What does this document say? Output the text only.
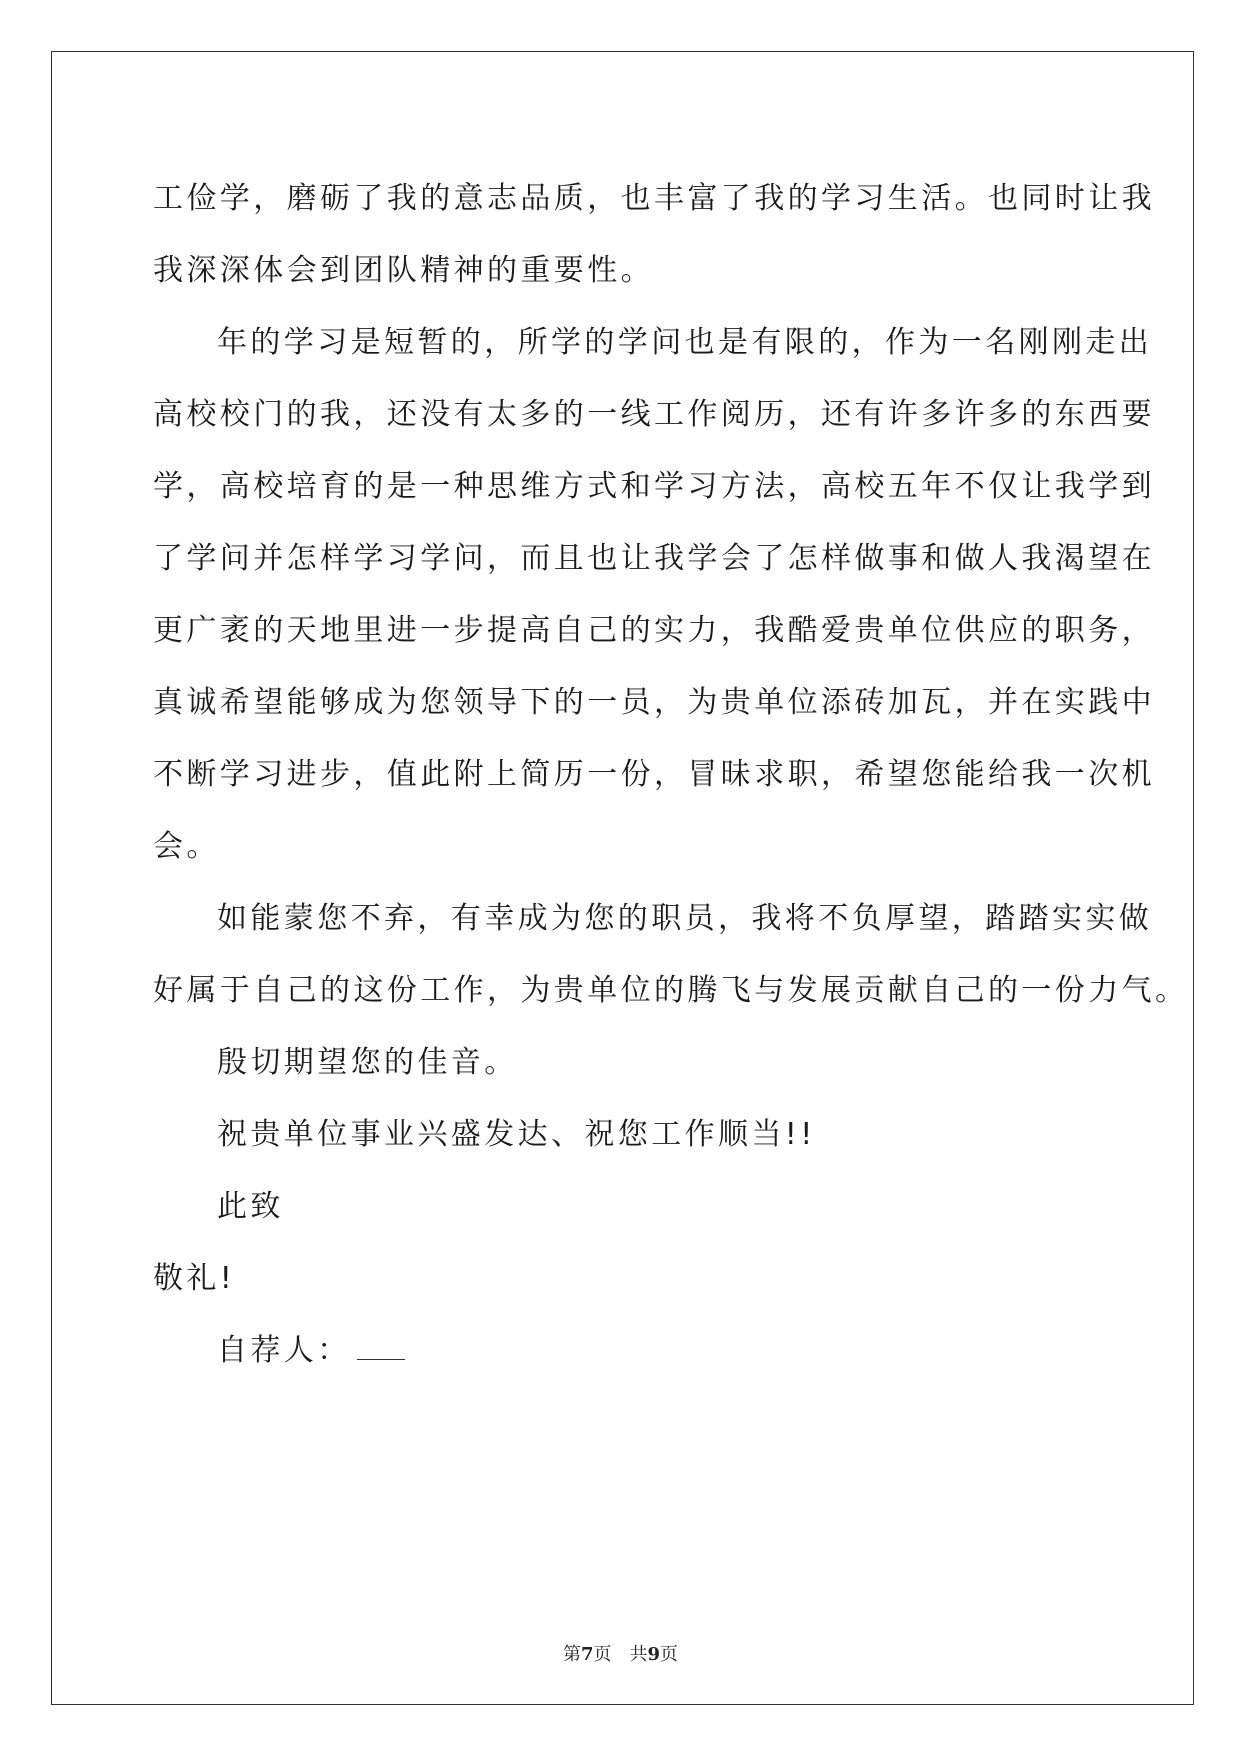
工俭学，磨砺了我的意志品质，也丰富了我的学习生活。也同时让我
我深深体会到团队精神的重要性。
年的学习是短暂的，所学的学问也是有限的，作为一名刚刚走出
高校校门的我，还没有太多的一线工作阅历，还有许多许多的东西要
学，高校培育的是一种思维方式和学习方法，高校五年不仅让我学到
了学问并怎样学习学问，而且也让我学会了怎样做事和做人我渴望在
更广袤的天地里进一步提高自己的实力，我酷爱贵单位供应的职务，
真诚希望能够成为您领导下的一员，为贵单位添砖加瓦，并在实践中
不断学习进步，值此附上简历一份，冒昧求职，希望您能给我一次机
会。
如能蒙您不弃，有幸成为您的职员，我将不负厚望，踏踏实实做
好属于自己的这份工作，为贵单位的腾飞与发展贡献自己的一份力气。
殷切期望您的佳音。
祝贵单位事业兴盛发达、祝您工作顺当!!
此致
敬礼!
自荐人：
第7页 共9页
